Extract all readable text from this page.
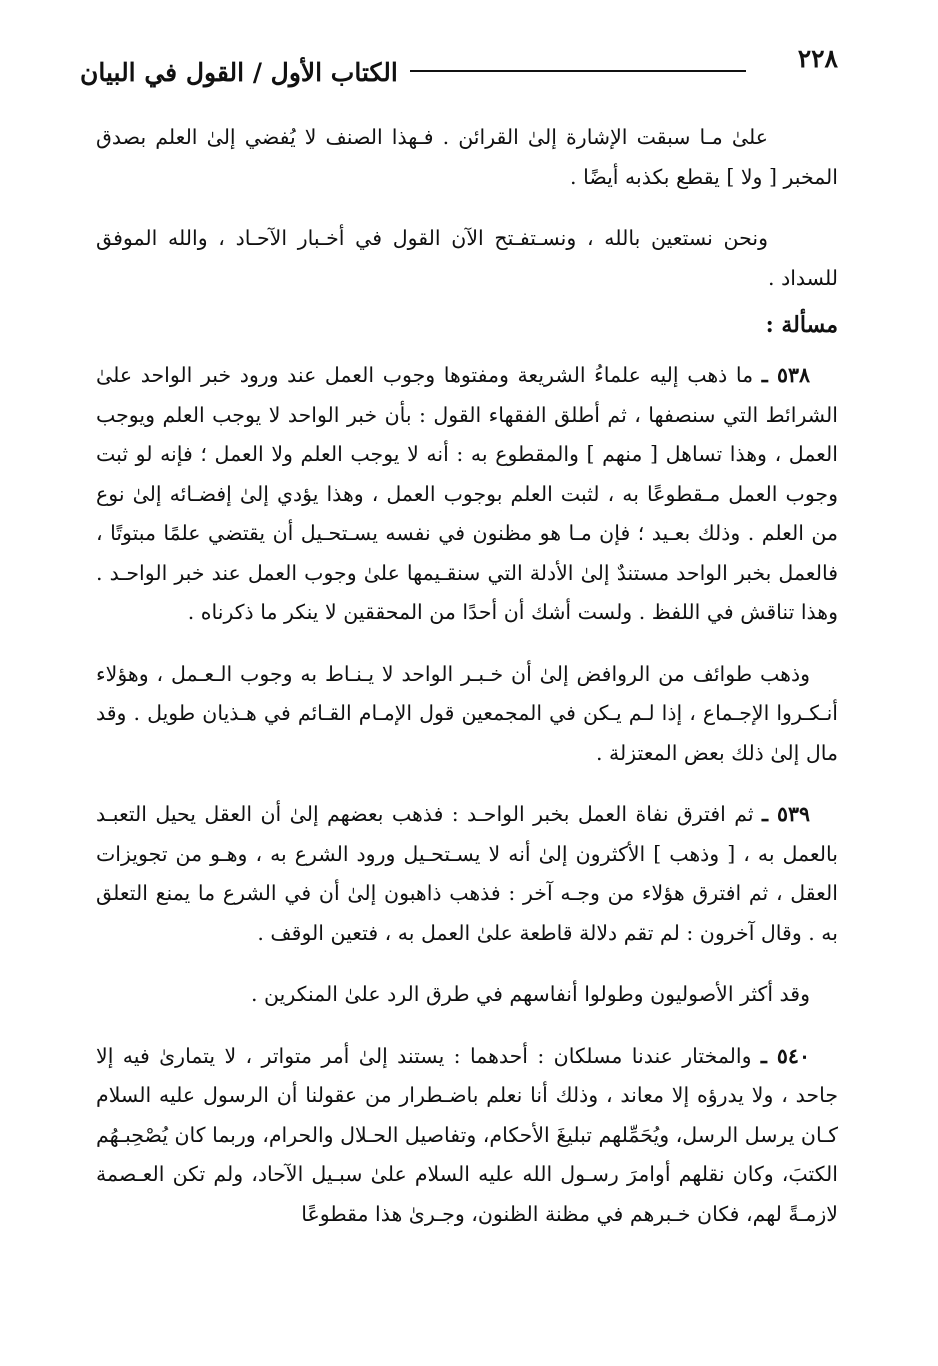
٢٢٨
الكتاب الأول / القول في البيان

علىٰ مـا سبقت الإشارة إلىٰ القرائن . فـهذا الصنف لا يُفضي إلىٰ العلم بصدق المخبر [ ولا ] يقطع بكذبه أيضًا .

ونحن نستعين بالله ، ونسـتفـتح الآن القول في أخـبار الآحـاد ، والله الموفق للسداد .

مسألة :

٥٣٨ ـ ما ذهب إليه علماءُ الشريعة ومفتوها وجوب العمل عند ورود خبر الواحد علىٰ الشرائط التي سنصفها ، ثم أطلق الفقهاء القول : بأن خبر الواحد لا يوجب العلم ويوجب العمل ، وهذا تساهل [ منهم ] والمقطوع به : أنه لا يوجب العلم ولا العمل ؛ فإنه لو ثبت وجوب العمل مـقطوعًا به ، لثبت العلم بوجوب العمل ، وهذا يؤدي إلىٰ إفضـائه إلىٰ نوع من العلم . وذلك بعـيد ؛ فإن مـا هو مظنون في نفسه يسـتحـيل أن يقتضي علمًا مبتوتًا ، فالعمل بخبر الواحد مستندٌ إلىٰ الأدلة التي سنقـيمها علىٰ وجوب العمل عند خبر الواحـد . وهذا تناقش في اللفظ . ولست أشك أن أحدًا من المحققين لا ينكر ما ذكرناه .

وذهب طوائف من الروافض إلىٰ أن خـبـر الواحد لا يـنـاط به وجوب الـعـمل ، وهؤلاء أنـكـروا الإجـماع ، إذا لـم يـكن في المجمعين قول الإمـام القـائم في هـذيان طويل . وقد مال إلىٰ ذلك بعض المعتزلة .

٥٣٩ ـ ثم افترق نفاة العمل بخبر الواحـد : فذهب بعضهم إلىٰ أن العقل يحيل التعبـد بالعمل به ، [ وذهب ] الأكثرون إلىٰ أنه لا يسـتحـيل ورود الشرع به ، وهـو من تجويزات العقل ، ثم افترق هؤلاء من وجـه آخر : فذهب ذاهبون إلىٰ أن في الشرع ما يمنع التعلق به . وقال آخرون : لم تقم دلالة قاطعة علىٰ العمل به ، فتعين الوقف .

وقد أكثر الأصوليون وطولوا أنفاسهم في طرق الرد علىٰ المنكرين .

٥٤٠ ـ والمختار عندنا مسلكان : أحدهما : يستند إلىٰ أمر متواتر ، لا يتمارىٰ فيه إلا جاحد ، ولا يدرؤه إلا معاند ، وذلك أنا نعلم باضـطرار من عقولنا أن الرسول عليه السلام كـان يرسل الرسل، ويُحَمِّلهم تبليغَ الأحكام، وتفاصيل الحـلال والحرام، وربما كان يُصْحِبـهُم الكتبَ، وكان نقلهم أوامرَ رسـول الله عليه السلام علىٰ سبـيل الآحاد، ولم تكن العـصمة لازمـةً لهم، فكان خـبرهم في مظنة الظنون، وجـرىٰ هذا مقطوعًا
